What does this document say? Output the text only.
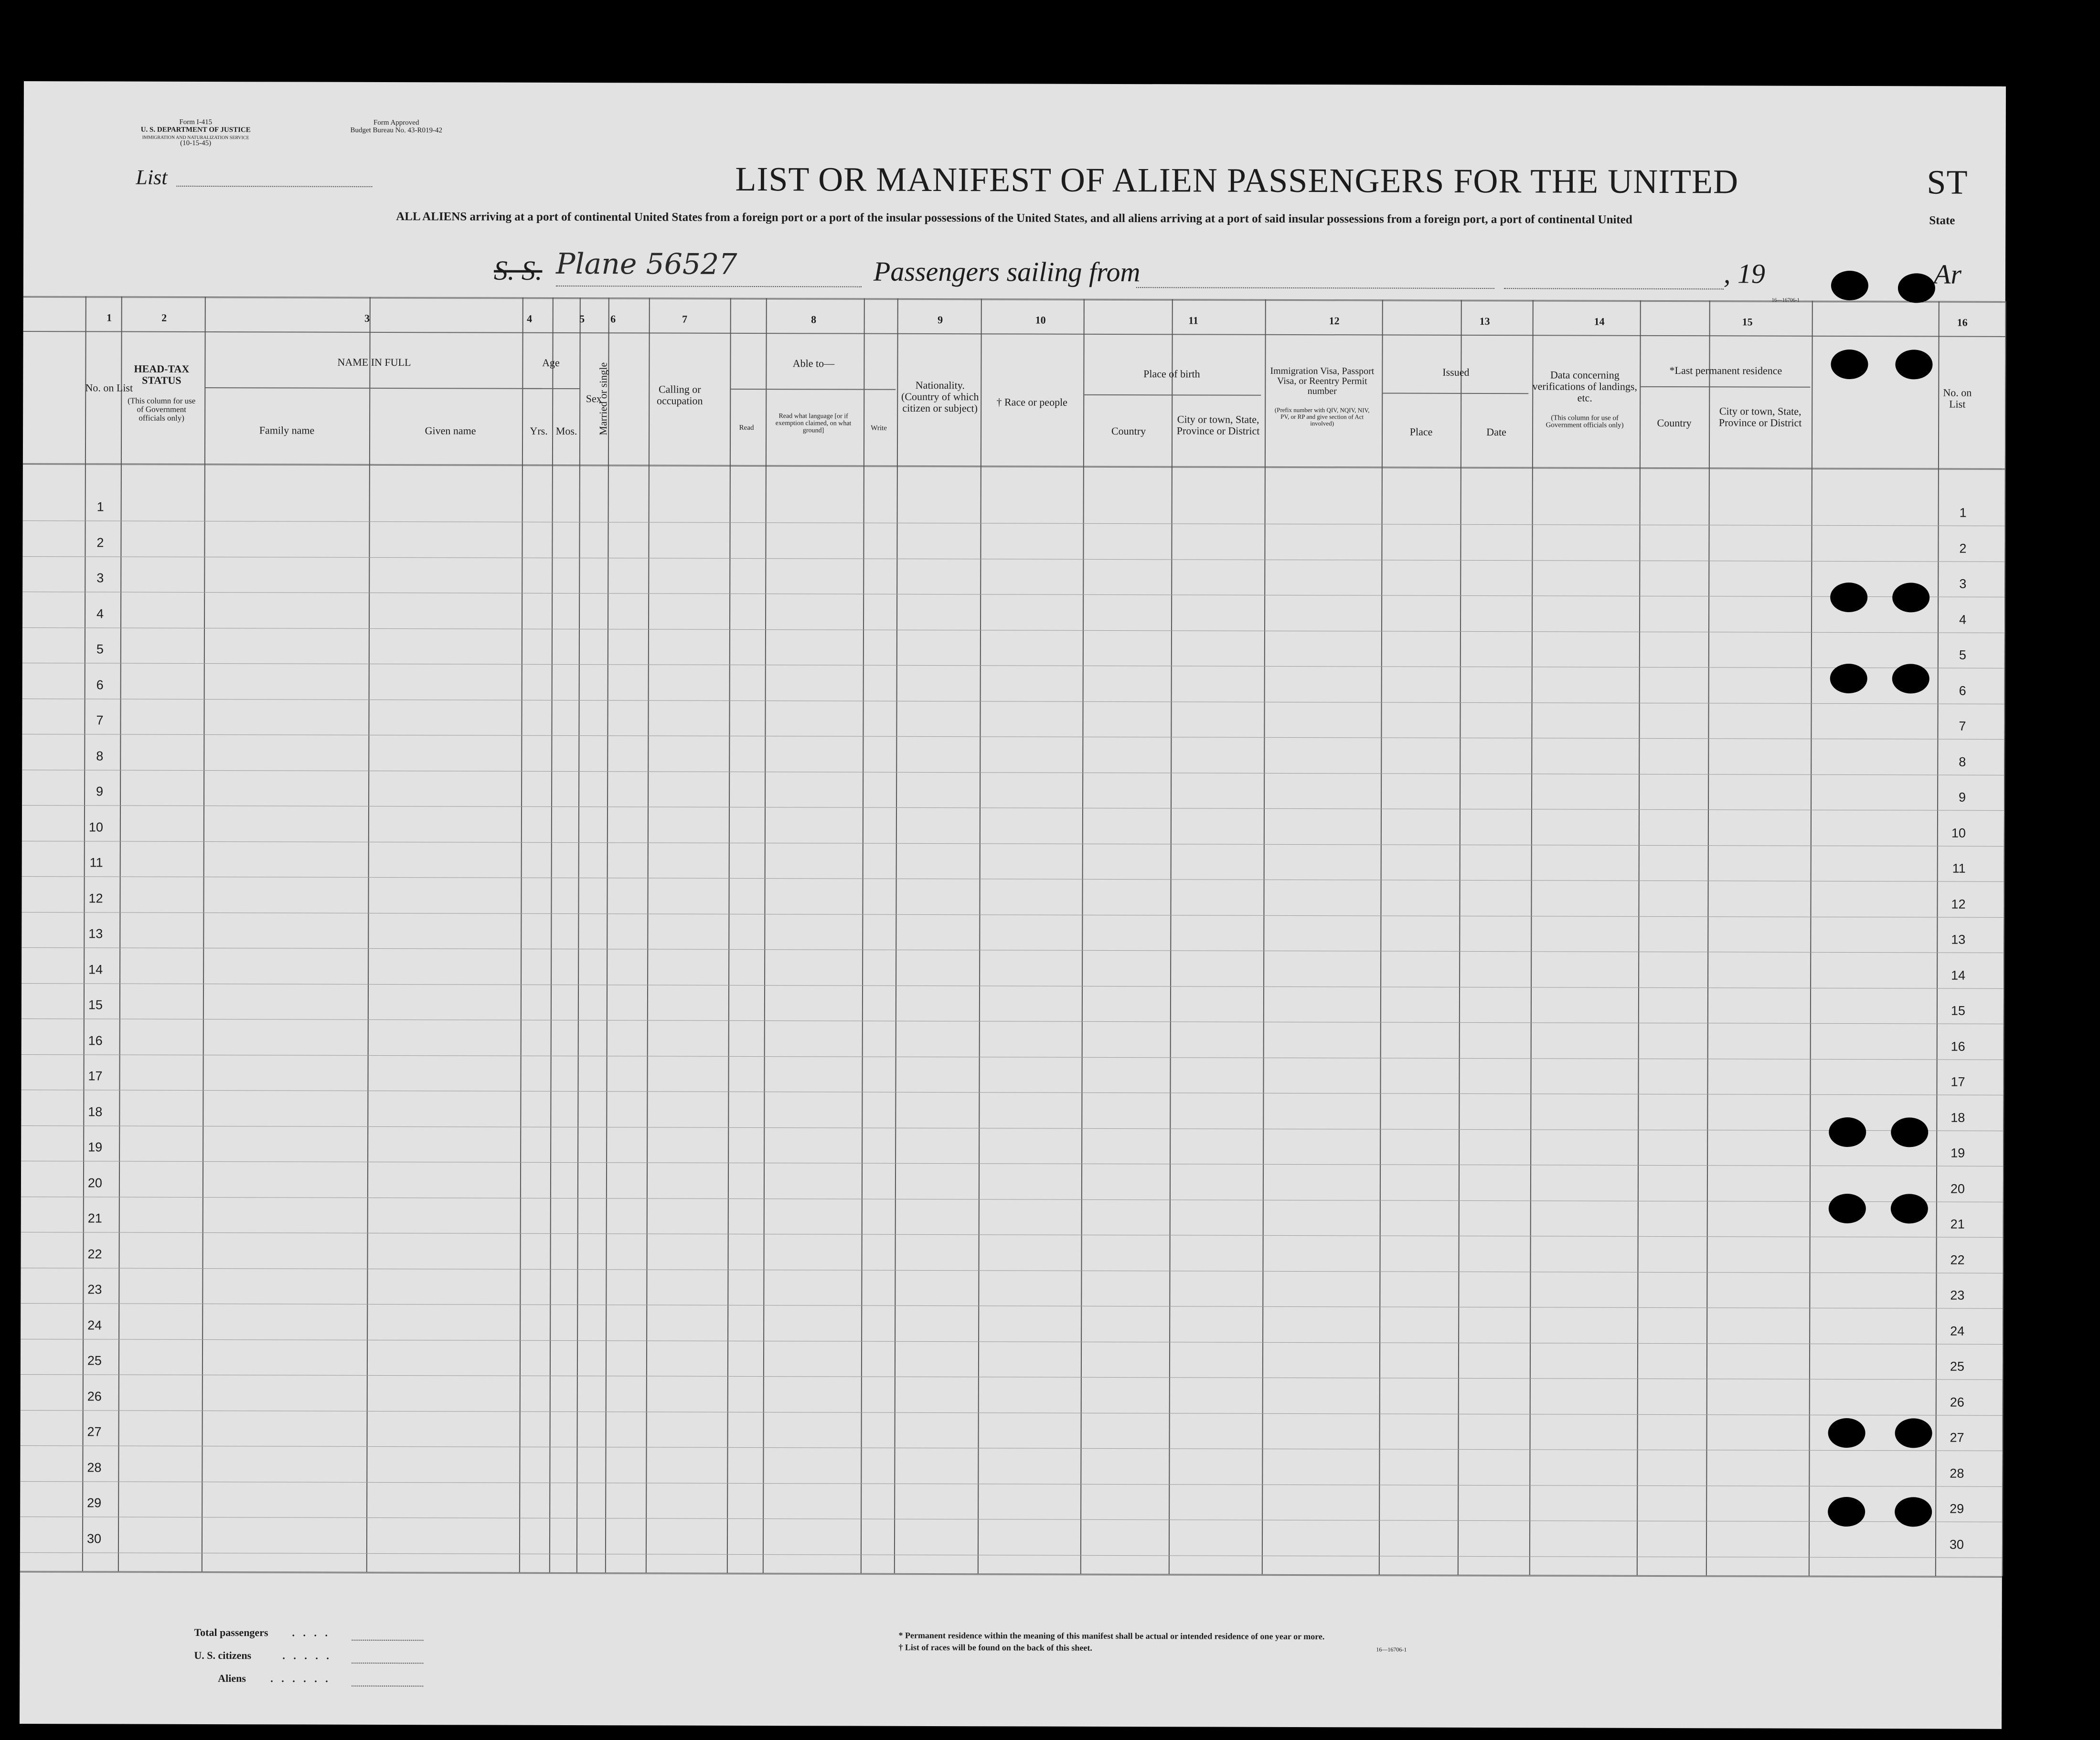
Form I-415
U. S. DEPARTMENT OF JUSTICE
IMMIGRATION AND NATURALIZATION SERVICE
(10-15-45)
Form Approved
Budget Bureau No. 43-R019-42
List	LIST OR MANIFEST OF ALIEN PASSENGERS FOR THE UNITED	ST
ALL ALIENS arriving at a port of continental United States from a foreign port or a port of the insular possessions of the United States, and all aliens arriving at a port of said insular possessions from a foreign port, a port of continental United	State
S. S. Plane 56527	Passengers sailing from	, 19	Ar
16—16706-1
1	2	3	4	5	6	7	8	9	10	11	12	13	14	15	16
No. on List
HEAD-TAX STATUS
(This column for use of Government officials only)
NAME IN FULL
Family name	Given name
Age
Yrs. Mos.
Sex
Married or single	Calling or occupation
Able to—
Read
Read what language [or if exemption claimed, on what ground]	Write
Nationality. (Country of which citizen or subject)	† Race or people
Place of birth
Country
City or town, State, Province or District
Immigration Visa, Passport Visa, or Reentry Permit number
(Prefix number with QIV, NQIV, NIV, PV, or RP and give section of Act involved)
Issued
Place	Date
Data concerning verifications of landings, etc.
(This column for use of Government officials only)
*Last permanent residence
Country
City or town, State, Province or District
No. on List
1	1
2	2
3	3
4	4
5	5
6	6
7	7
8	8
9	9
10	10
11	11
12	12
13	13
14	14
15	15
16	16
17	17
18	18
19	19
20	20
21	21
22	22
23	23
24	24
25	25
26	26
27	27
28	28
29	29
30	30
Total passengers . . . .
U. S. citizens	. . . . .
Aliens . . . . . .
* Permanent residence within the meaning of this manifest shall be actual or intended residence of one year or more.
† List of races will be found on the back of this sheet.	16—16706-1
